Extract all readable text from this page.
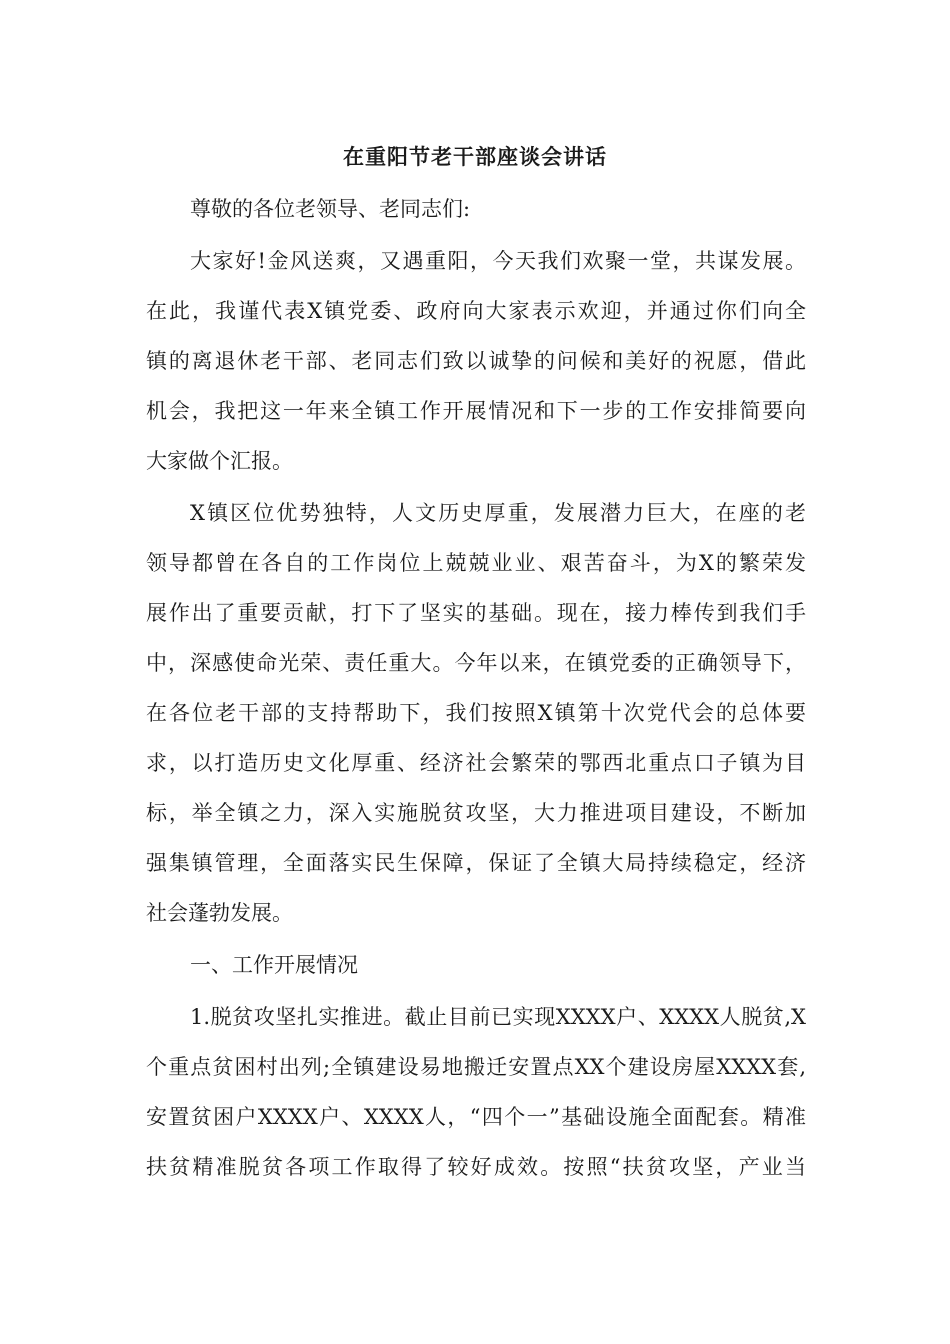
在重阳节老干部座谈会讲话
尊敬的各位老领导、老同志们:
大家好!金风送爽，又遇重阳，今天我们欢聚一堂，共谋发展。
在此，我谨代表X镇党委、政府向大家表示欢迎，并通过你们向全
镇的离退休老干部、老同志们致以诚挚的问候和美好的祝愿，借此
机会，我把这一年来全镇工作开展情况和下一步的工作安排简要向
大家做个汇报。
X镇区位优势独特，人文历史厚重，发展潜力巨大，在座的老
领导都曾在各自的工作岗位上兢兢业业、艰苦奋斗，为X的繁荣发
展作出了重要贡献，打下了坚实的基础。现在，接力棒传到我们手
中，深感使命光荣、责任重大。今年以来，在镇党委的正确领导下，
在各位老干部的支持帮助下，我们按照X镇第十次党代会的总体要
求，以打造历史文化厚重、经济社会繁荣的鄂西北重点口子镇为目
标，举全镇之力，深入实施脱贫攻坚，大力推进项目建设，不断加
强集镇管理，全面落实民生保障，保证了全镇大局持续稳定，经济
社会蓬勃发展。
一、工作开展情况
1.脱贫攻坚扎实推进。截止目前已实现XXXX户、XXXX人脱贫,X
个重点贫困村出列;全镇建设易地搬迁安置点XX个建设房屋XXXX套,
安置贫困户XXXX户、XXXX人，“四个一”基础设施全面配套。精准
扶贫精准脱贫各项工作取得了较好成效。按照“扶贫攻坚，产业当
